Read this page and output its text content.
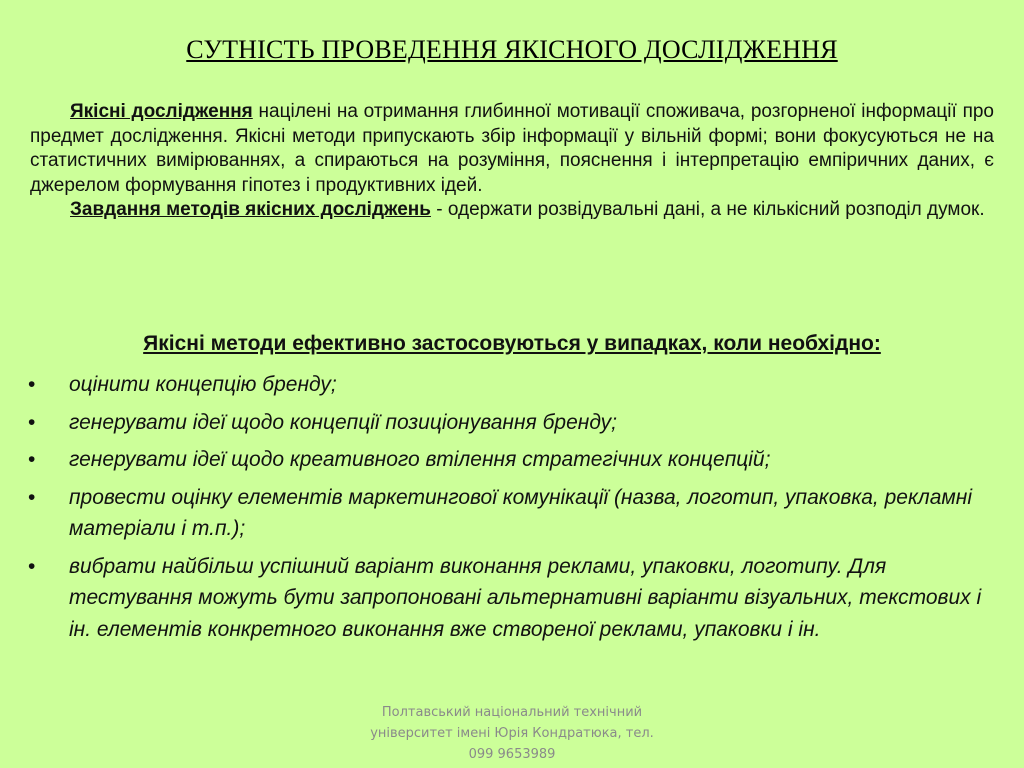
СУТНІСТЬ ПРОВЕДЕННЯ ЯКІСНОГО ДОСЛІДЖЕННЯ

Якісні дослідження націлені на отримання глибинної мотивації споживача, розгорненої інформації про предмет дослідження. Якісні методи припускають збір інформації у вільній формі; вони фокусуються не на статистичних вимірюваннях, а спираються на розуміння, пояснення і інтерпретацію емпіричних даних, є джерелом формування гіпотез і продуктивних ідей.

Завдання методів якісних досліджень - одержати розвідувальні дані, а не кількісний розподіл думок.

Якісні методи ефективно застосовуються у випадках, коли необхідно:
•	оцінити концепцію бренду;
•	генерувати ідеї щодо концепції позиціонування бренду;
•	генерувати ідеї щодо креативного втілення стратегічних концепцій;
•	провести оцінку елементів маркетингової комунікації (назва, логотип, упаковка, рекламні матеріали і т.п.);
•	вибрати найбільш успішний варіант виконання реклами, упаковки, логотипу. Для тестування можуть бути запропоновані альтернативні варіанти візуальних, текстових і ін. елементів конкретного виконання вже створеної реклами, упаковки і ін.
Полтавський національний технічний
університет імені Юрія Кондратюка, тел.
099 9653989
